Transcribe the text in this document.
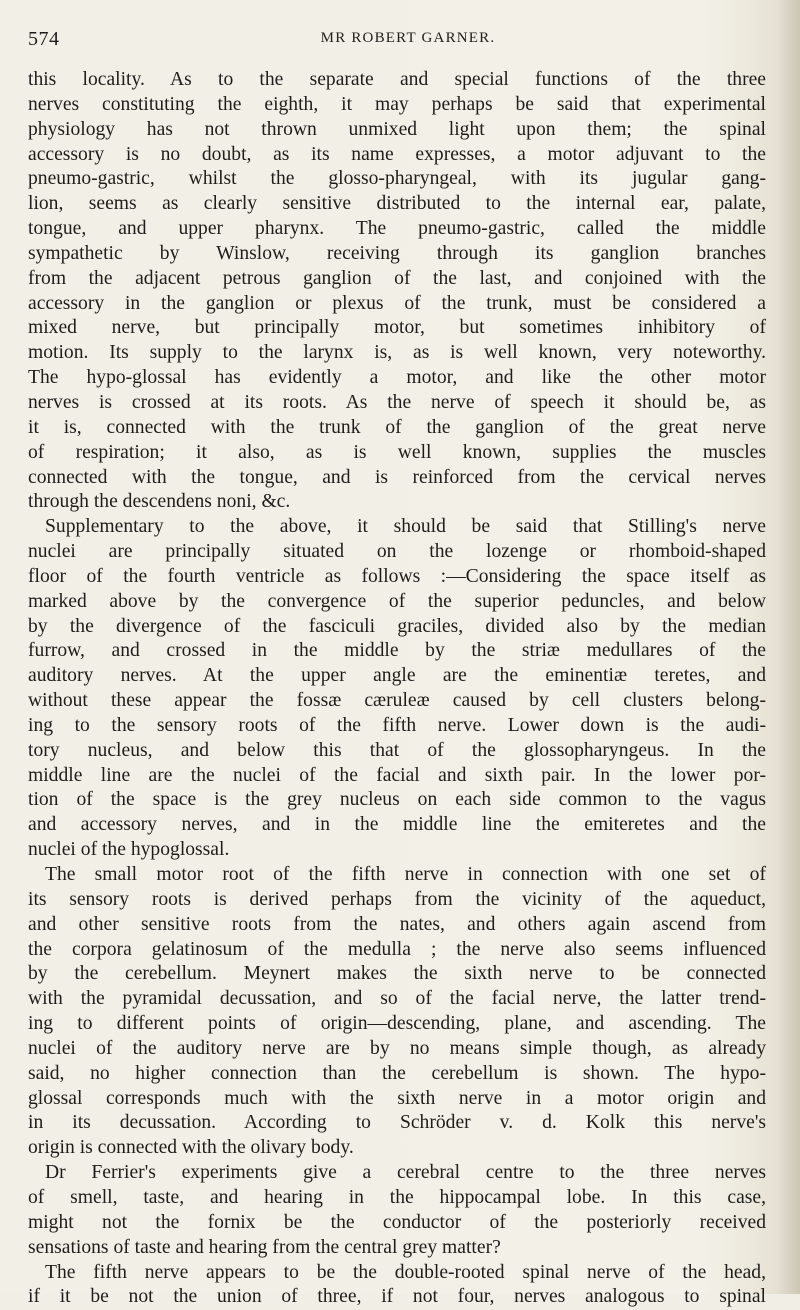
574	MR ROBERT GARNER.
this locality. As to the separate and special functions of the three
nerves constituting the eighth, it may perhaps be said that experimental
physiology has not thrown unmixed light upon them; the spinal
accessory is no doubt, as its name expresses, a motor adjuvant to the
pneumo-gastric, whilst the glosso-pharyngeal, with its jugular gang-
lion, seems as clearly sensitive distributed to the internal ear, palate,
tongue, and upper pharynx. The pneumo-gastric, called the middle
sympathetic by Winslow, receiving through its ganglion branches
from the adjacent petrous ganglion of the last, and conjoined with the
accessory in the ganglion or plexus of the trunk, must be considered a
mixed nerve, but principally motor, but sometimes inhibitory of
motion. Its supply to the larynx is, as is well known, very noteworthy.
The hypo-glossal has evidently a motor, and like the other motor
nerves is crossed at its roots. As the nerve of speech it should be, as
it is, connected with the trunk of the ganglion of the great nerve
of respiration; it also, as is well known, supplies the muscles
connected with the tongue, and is reinforced from the cervical nerves
through the descendens noni, &c.
Supplementary to the above, it should be said that Stilling's nerve
nuclei are principally situated on the lozenge or rhomboid-shaped
floor of the fourth ventricle as follows :—Considering the space itself as
marked above by the convergence of the superior peduncles, and below
by the divergence of the fasciculi graciles, divided also by the median
furrow, and crossed in the middle by the striæ medullares of the
auditory nerves. At the upper angle are the eminentiæ teretes, and
without these appear the fossæ cæruleæ caused by cell clusters belong-
ing to the sensory roots of the fifth nerve. Lower down is the audi-
tory nucleus, and below this that of the glossopharyngeus. In the
middle line are the nuclei of the facial and sixth pair. In the lower por-
tion of the space is the grey nucleus on each side common to the vagus
and accessory nerves, and in the middle line the emiteretes and the
nuclei of the hypoglossal.
The small motor root of the fifth nerve in connection with one set of
its sensory roots is derived perhaps from the vicinity of the aqueduct,
and other sensitive roots from the nates, and others again ascend from
the corpora gelatinosum of the medulla ; the nerve also seems influenced
by the cerebellum. Meynert makes the sixth nerve to be connected
with the pyramidal decussation, and so of the facial nerve, the latter trend-
ing to different points of origin—descending, plane, and ascending. The
nuclei of the auditory nerve are by no means simple though, as already
said, no higher connection than the cerebellum is shown. The hypo-
glossal corresponds much with the sixth nerve in a motor origin and
in its decussation. According to Schröder v. d. Kolk this nerve's
origin is connected with the olivary body.
Dr Ferrier's experiments give a cerebral centre to the three nerves
of smell, taste, and hearing in the hippocampal lobe. In this case,
might not the fornix be the conductor of the posteriorly received
sensations of taste and hearing from the central grey matter?
The fifth nerve appears to be the double-rooted spinal nerve of the head,
if it be not the union of three, if not four, nerves analogous to spinal
